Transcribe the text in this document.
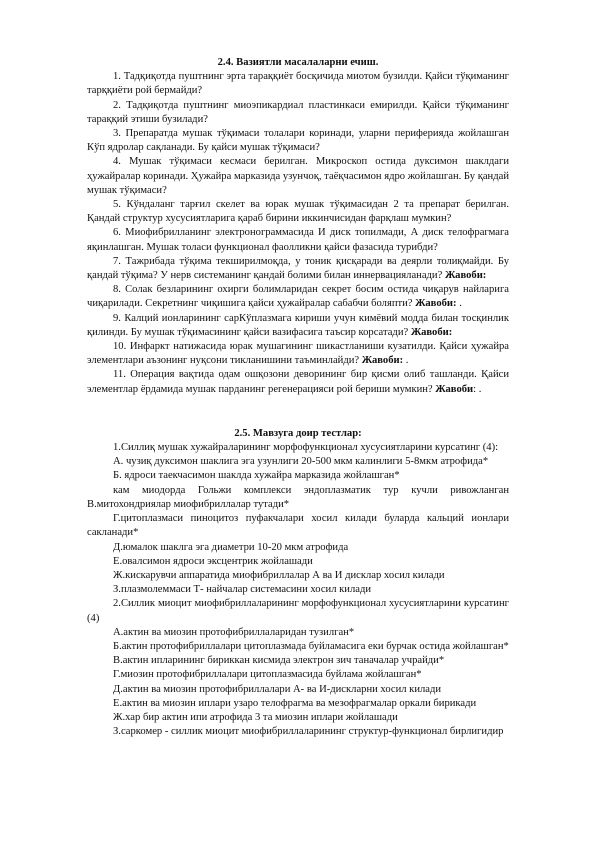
2.4. Вазиятли масалаларни ечиш.

1. Тадқиқотда пуштнинг эрта тараққиёт босқичида миотом бузилди. Қайси тўқиманинг тарққиёти рой бермайди?

2. Тадқиқотда пуштнинг миоэпикардиал пластинкаси емирилди. Қайси тўқиманинг тараққий этиши бузилади?

3. Препаратда мушак тўқимаси толалари коринади, уларни периферияда жойлашган Кўп ядролар сақланади. Бу қайси мушак тўқимаси?

4. Мушак тўқимаси кесмаси берилган. Микроскоп остида дуксимон шаклдаги ҳужайралар коринади. Ҳужайра марказида узунчоқ, таёқчасимон ядро жойлашган. Бу қандай мушак тўқимаси?

5. Кўндаланг тарғил скелет ва юрак мушак тўқимасидан 2 та препарат берилган. Қандай структур хусусиятларига қараб бирини иккинчисидан фарқлаш мумкин?

6. Миофибрилланинг электронограммасида И диск топилмади, А диск телофрагмага яқинлашган. Мушак толаси функционал фаолликни қайси фазасида турибди?

7. Тажрибада тўқима текширилмоқда, у тоник қисқаради ва деярли толиқмайди. Бу қандай тўқима? У нерв системанинг қандай болими билан иннервацияланади? Жавоби:

8. Солак безларининг охирги болимларидан секрет босим остида чиқарув найларига чиқарилади. Секретнинг чиқишига қайси ҳужайралар сабабчи боляпти? Жавоби: .

9. Калций ионларининг сарКўплазмага кириши учун кимёвий модда билан тосқинлик қилинди. Бу мушак тўқимасининг қайси вазифасига таъсир корсатади? Жавоби:

10. Инфаркт натижасида юрак мушагининг шикастланиши кузатилди. Қайси ҳужайра элементлари аъзонинг нуқсони тикланишини таъминлайди? Жавоби: .

11. Операция вақтида одам ошқозони деворининг бир қисми олиб ташланди. Қайси элементлар ёрдамида мушак парданинг регенерацияси рой бериши мумкин? Жавоби: .

2.5. Мавзуга доир тестлар:

1.Силлиқ мушак хужайраларининг морфофункционал хусусиятларини курсатинг (4):

А. чузиқ дуксимон шаклига эга узунлиги 20-500 мкм калинлиги 5-8мкм атрофида*

Б. ядроси таекчасимон шаклда хужайра марказида жойлашган*

кам миодорда Гольжи комплекси эндоплазматик тур кучли ривожланган В.митохондриялар миофибриллалар тутади*

Г.цитоплазмаси пиноцитоз пуфакчалари хосил килади буларда кальций ионлари сакланади*

Д.юмалок шаклга эга диаметри 10-20 мкм атрофида

Е.овалсимон ядроси эксцентрик жойлашади

Ж.кискарувчи аппаратида миофибриллалар А ва И дисклар хосил килади

З.плазмолеммаси Т- найчалар системасини хосил килади

2.Силлик миоцит миофибриллаларининг морфофункционал хусусиятларини курсатинг (4)

А.актин ва миозин протофибриллаларидан тузилган*

Б.актин протофибриллалари цитоплазмада буйламасига еки бурчак остида жойлашган*

В.актин ипларининг бириккан кисмида электрон зич таначалар учрайди*

Г.миозин протофибриллалари цитоплазмасида буйлама жойлашган*

Д.актин ва миозин протофибриллалари А- ва И-дискларни хосил килади

Е.актин ва миозин иплари узаро телофрагма ва мезофрагмалар оркали бирикади

Ж.хар бир актин ипи атрофида 3 та миозин иплари жойлашади

З.саркомер - силлик миоцит миофибриллаларининг структур-функционал бирлигидир
